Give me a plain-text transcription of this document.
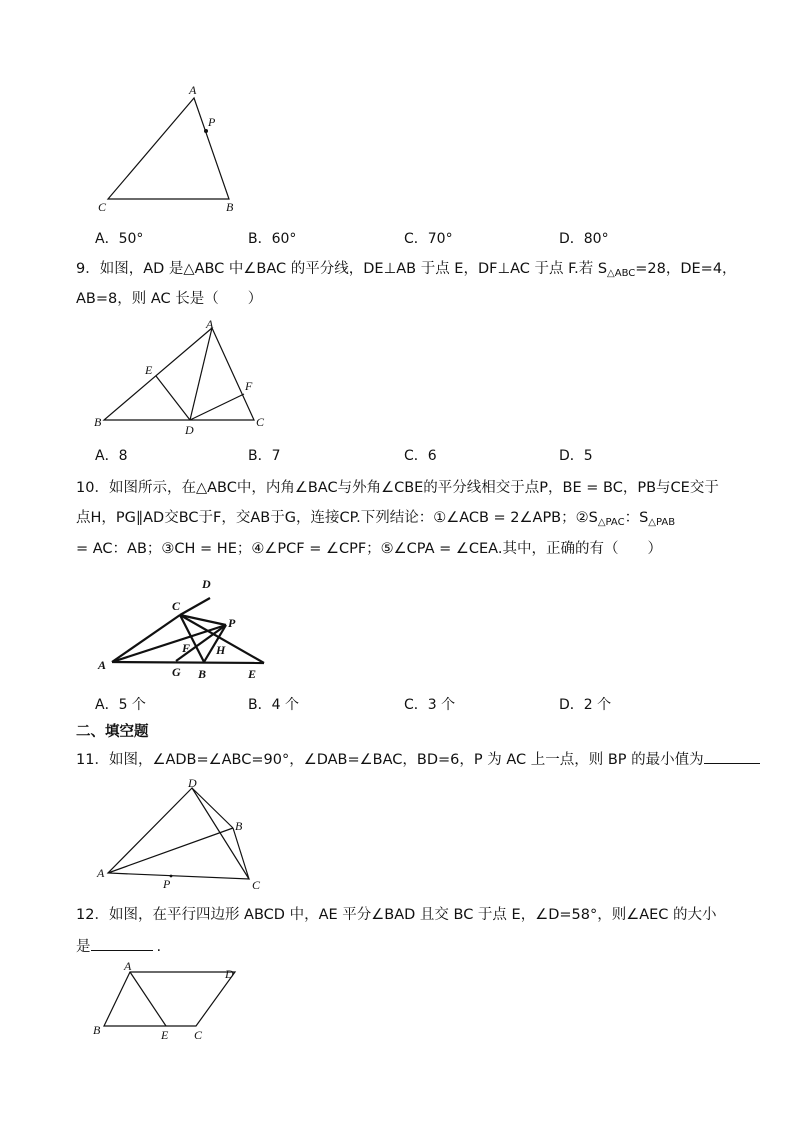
A
P
C	B
A．50°	B．60°	C．70°	D．80°
9．如图，AD 是△ABC 中∠BAC 的平分线，DE⊥AB 于点 E，DF⊥AC 于点 F.若 $S_{\triangle ABC}=28$，DE=4，
AB=8，则 AC 长是（　　）
A
E
F
B
D
C
A．8	B．7	C．6	D．5
10．如图所示，在△ABC中，内角∠BAC与外角∠CBE的平分线相交于点P，BE = BC，PB与CE交于
点H，PG∥AD交BC于F，交AB于G，连接CP.下列结论：①∠ACB = 2∠APB；$②S_{\triangle PAC}$：$S_{\triangle PAB}$
= AC：AB；③CH = HE；④∠PCF = ∠CPF；⑤∠CPA = ∠CEA.其中，正确的有（　　）
D
C
P
F H
A	G B	E
A．5 个	B．4 个	C．3 个	D．2 个
二、填空题
11．如图，∠ADB=∠ABC=90°，∠DAB=∠BAC，BD=6，P 为 AC 上一点，则 BP 的最小值为
D
B
A
P	C
12．如图，在平行四边形 ABCD 中，AE 平分∠BAD 且交 BC 于点 E，∠D=58°，则∠AEC 的大小
是	.
A
D
B	E C
